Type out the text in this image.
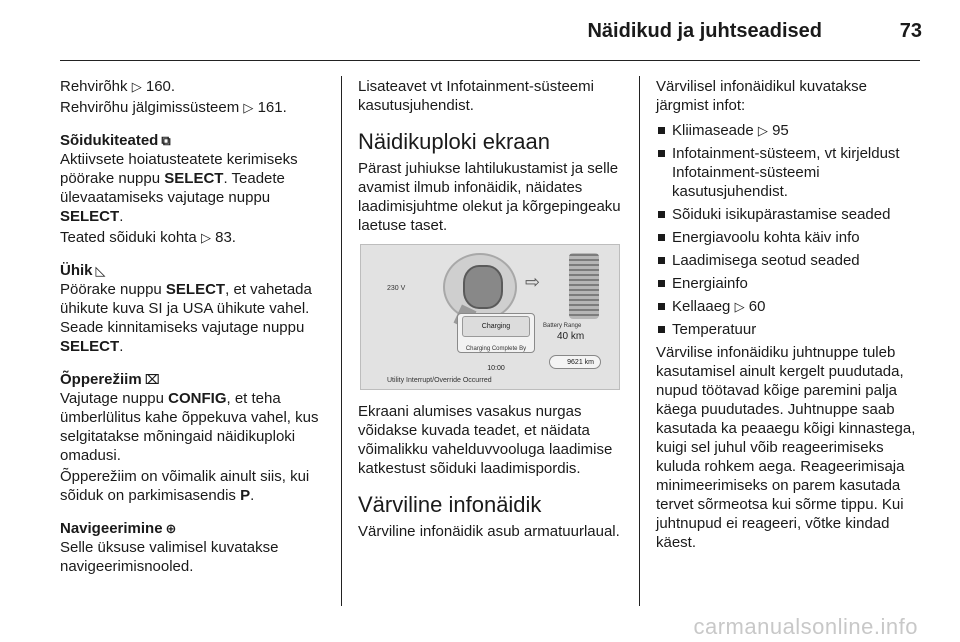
Näidikud ja juhtseadised	73

Rehvirõhk ▷ 160.

Rehvirõhu jälgimissüsteem ▷ 161.

Sõidukiteated ⧉

Aktiivsete hoiatusteatete kerimiseks pöörake nuppu SELECT. Teadete ülevaatamiseks vajutage nuppu SELECT.

Teated sõiduki kohta ▷ 83.

Ühik ◺

Pöörake nuppu SELECT, et vahetada ühikute kuva SI ja USA ühikute vahel. Seade kinnitamiseks vajutage nuppu SELECT.

Õpperežiim ⌧

Vajutage nuppu CONFIG, et teha ümberlülitus kahe õppekuva vahel, kus selgitatakse mõningaid näidikuploki omadusi.

Õpperežiim on võimalik ainult siis, kui sõiduk on parkimisasendis P.

Navigeerimine ⊕

Selle üksuse valimisel kuvatakse navigeerimisnooled.

Lisateavet vt Infotainment-süsteemi kasutusjuhendist.

Näidikuploki ekraan

Pärast juhiukse lahtilukustamist ja selle avamist ilmub infonäidik, näidates laadimisjuhtme olekut ja kõrgepingeaku laetuse taset.

230 V	⇨
Charging
Charging Complete By
10:00
Battery Range
40 km
9621 km
Utility Interrupt/Override Occurred

Ekraani alumises vasakus nurgas võidakse kuvada teadet, et näidata võimalikku vahelduvvooluga laadimise katkestust sõiduki laadimispordis.

Värviline infonäidik

Värviline infonäidik asub armatuurlaual.

Värvilisel infonäidikul kuvatakse järgmist infot:

Kliimaseade ▷ 95
Infotainment-süsteem, vt kirjeldust Infotainment-süsteemi kasutusjuhendist.
Sõiduki isikupärastamise seaded
Energiavoolu kohta käiv info
Laadimisega seotud seaded
Energiainfo
Kellaaeg ▷ 60
Temperatuur

Värvilise infonäidiku juhtnuppe tuleb kasutamisel ainult kergelt puudutada, nupud töötavad kõige paremini palja käega puudutades. Juhtnuppe saab kasutada ka peaaegu kõigi kinnastega, kuigi sel juhul võib reageerimiseks kuluda rohkem aega. Reageerimisaja minimeerimiseks on parem kasutada tervet sõrmeotsa kui sõrme tippu. Kui juhtnupud ei reageeri, võtke kindad käest.

carmanualsonline.info
